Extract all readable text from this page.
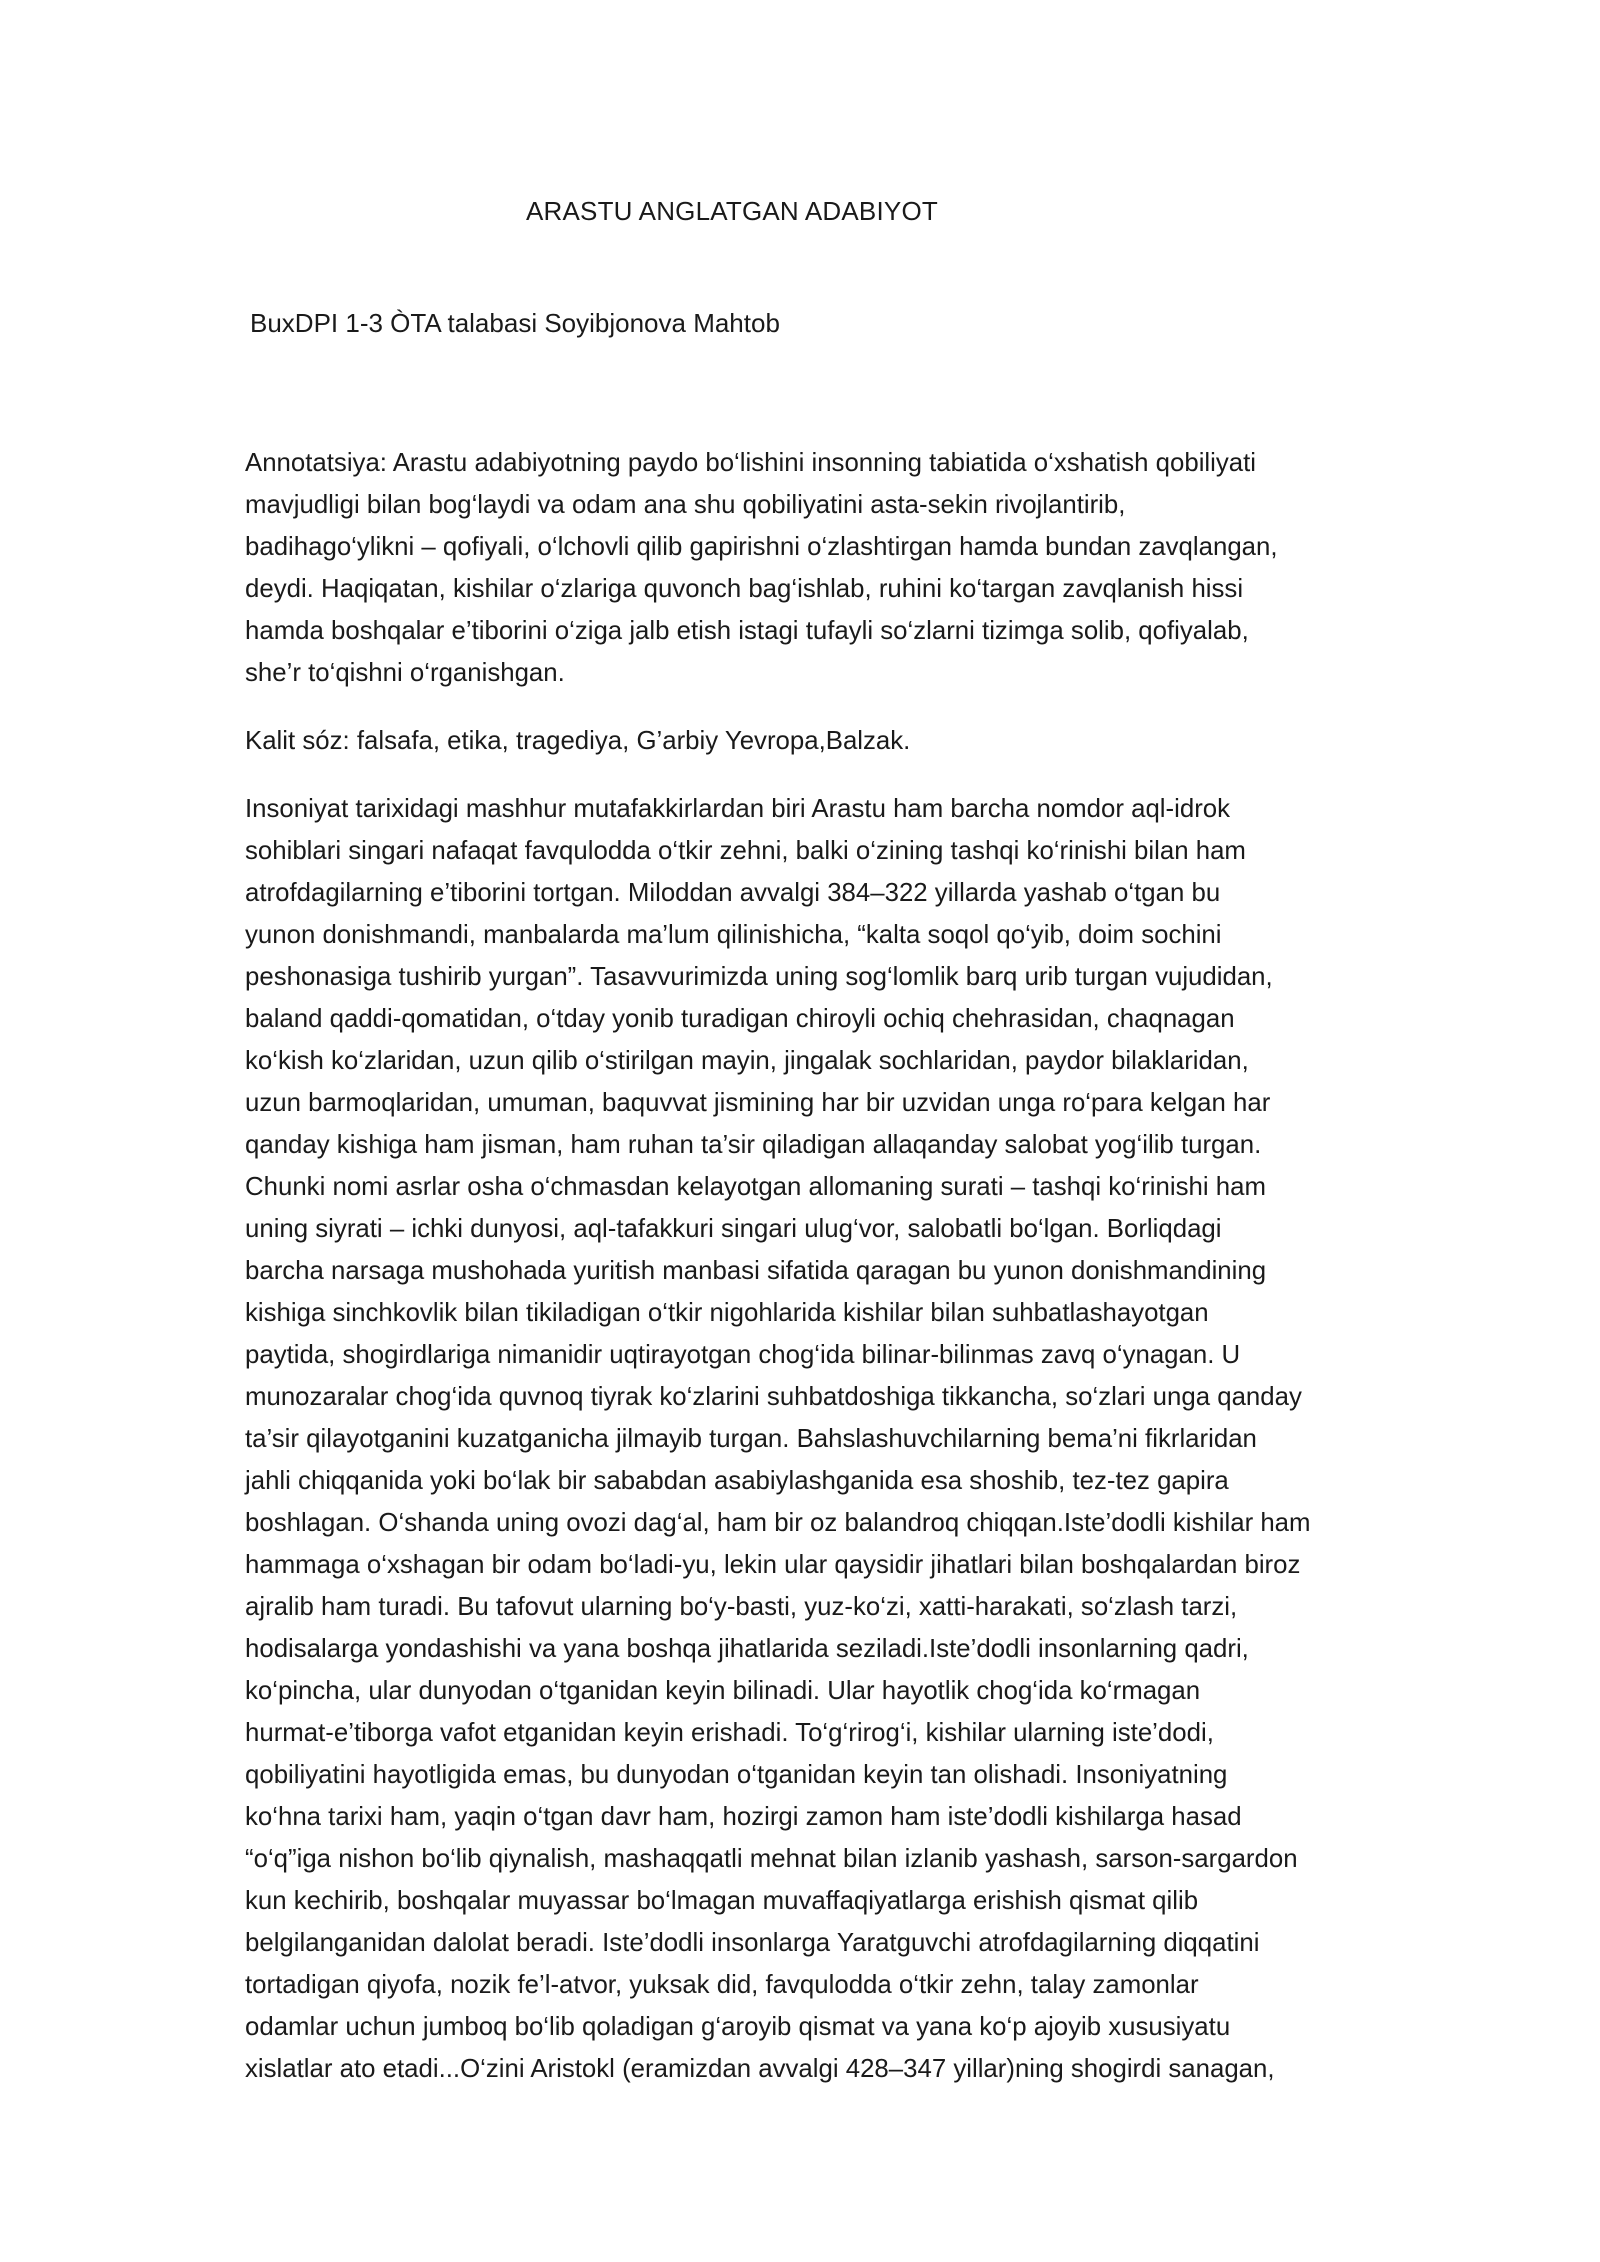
ARASTU ANGLATGAN ADABIYOT
BuxDPI 1-3 ÒTA talabasi Soyibjonova Mahtob

Annotatsiya: Arastu adabiyotning paydo bo‘lishini insonning tabiatida o‘xshatish qobiliyati
mavjudligi bilan bog‘laydi va odam ana shu qobiliyatini asta-sekin rivojlantirib,
badihago‘ylikni – qofiyali, o‘lchovli qilib gapirishni o‘zlashtirgan hamda bundan zavqlangan,
deydi. Haqiqatan, kishilar o‘zlariga quvonch bag‘ishlab, ruhini ko‘targan zavqlanish hissi
hamda boshqalar e’tiborini o‘ziga jalb etish istagi tufayli so‘zlarni tizimga solib, qofiyalab,
she’r to‘qishni o‘rganishgan.

Kalit sóz: falsafa, etika, tragediya, G’arbiy Yevropa,Balzak.

Insoniyat tarixidagi mashhur mutafakkirlardan biri Arastu ham barcha nomdor aql-idrok
sohiblari singari nafaqat favqulodda o‘tkir zehni, balki o‘zining tashqi ko‘rinishi bilan ham
atrofdagilarning e’tiborini tortgan. Miloddan avvalgi 384–322 yillarda yashab o‘tgan bu
yunon donishmandi, manbalarda ma’lum qilinishicha, “kalta soqol qo‘yib, doim sochini
peshonasiga tushirib yurgan”. Tasavvurimizda uning sog‘lomlik barq urib turgan vujudidan,
baland qaddi-qomatidan, o‘tday yonib turadigan chiroyli ochiq chehrasidan, chaqnagan
ko‘kish ko‘zlaridan, uzun qilib o‘stirilgan mayin, jingalak sochlaridan, paydor bilaklaridan,
uzun barmoqlaridan, umuman, baquvvat jismining har bir uzvidan unga ro‘para kelgan har
qanday kishiga ham jisman, ham ruhan ta’sir qiladigan allaqanday salobat yog‘ilib turgan.
Chunki nomi asrlar osha o‘chmasdan kelayotgan allomaning surati – tashqi ko‘rinishi ham
uning siyrati – ichki dunyosi, aql-tafakkuri singari ulug‘vor, salobatli bo‘lgan. Borliqdagi
barcha narsaga mushohada yuritish manbasi sifatida qaragan bu yunon donishmandining
kishiga sinchkovlik bilan tikiladigan o‘tkir nigohlarida kishilar bilan suhbatlashayotgan
paytida, shogirdlariga nimanidir uqtirayotgan chog‘ida bilinar-bilinmas zavq o‘ynagan. U
munozaralar chog‘ida quvnoq tiyrak ko‘zlarini suhbatdoshiga tikkancha, so‘zlari unga qanday
ta’sir qilayotganini kuzatganicha jilmayib turgan. Bahslashuvchilarning bema’ni fikrlaridan
jahli chiqqanida yoki bo‘lak bir sababdan asabiylashganida esa shoshib, tez-tez gapira
boshlagan. O‘shanda uning ovozi dag‘al, ham bir oz balandroq chiqqan.Iste’dodli kishilar ham
hammaga o‘xshagan bir odam bo‘ladi-yu, lekin ular qaysidir jihatlari bilan boshqalardan biroz
ajralib ham turadi. Bu tafovut ularning bo‘y-basti, yuz-ko‘zi, xatti-harakati, so‘zlash tarzi,
hodisalarga yondashishi va yana boshqa jihatlarida seziladi.Iste’dodli insonlarning qadri,
ko‘pincha, ular dunyodan o‘tganidan keyin bilinadi. Ular hayotlik chog‘ida ko‘rmagan
hurmat-e’tiborga vafot etganidan keyin erishadi. To‘g‘rirog‘i, kishilar ularning iste’dodi,
qobiliyatini hayotligida emas, bu dunyodan o‘tganidan keyin tan olishadi. Insoniyatning
ko‘hna tarixi ham, yaqin o‘tgan davr ham, hozirgi zamon ham iste’dodli kishilarga hasad
“o‘q”iga nishon bo‘lib qiynalish, mashaqqatli mehnat bilan izlanib yashash, sarson-sargardon
kun kechirib, boshqalar muyassar bo‘lmagan muvaffaqiyatlarga erishish qismat qilib
belgilanganidan dalolat beradi. Iste’dodli insonlarga Yaratguvchi atrofdagilarning diqqatini
tortadigan qiyofa, nozik fe’l-atvor, yuksak did, favqulodda o‘tkir zehn, talay zamonlar
odamlar uchun jumboq bo‘lib qoladigan g‘aroyib qismat va yana ko‘p ajoyib xususiyatu
xislatlar ato etadi...O‘zini Aristokl (eramizdan avvalgi 428–347 yillar)ning shogirdi sanagan,
